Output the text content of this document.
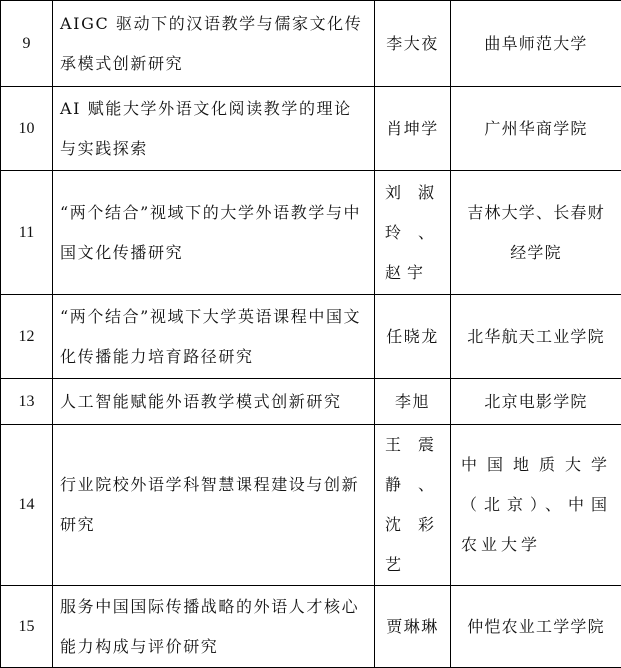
9	AIGC 驱动下的汉语教学与儒家文化传承模式创新研究	李大夜	曲阜师范大学
10	AI 赋能大学外语文化阅读教学的理论与实践探索	肖坤学	广州华商学院
11	“两个结合”视域下的大学外语教学与中国文化传播研究	刘淑玲、赵宇	吉林大学、长春财经学院
12	“两个结合”视域下大学英语课程中国文化传播能力培育路径研究	任晓龙	北华航天工业学院
13	人工智能赋能外语教学模式创新研究	李旭	北京电影学院
14	行业院校外语学科智慧课程建设与创新研究	王震静、沈彩艺	中国地质大学（北京）、中国农业大学
15	服务中国国际传播战略的外语人才核心能力构成与评价研究	贾琳琳	仲恺农业工学学院
